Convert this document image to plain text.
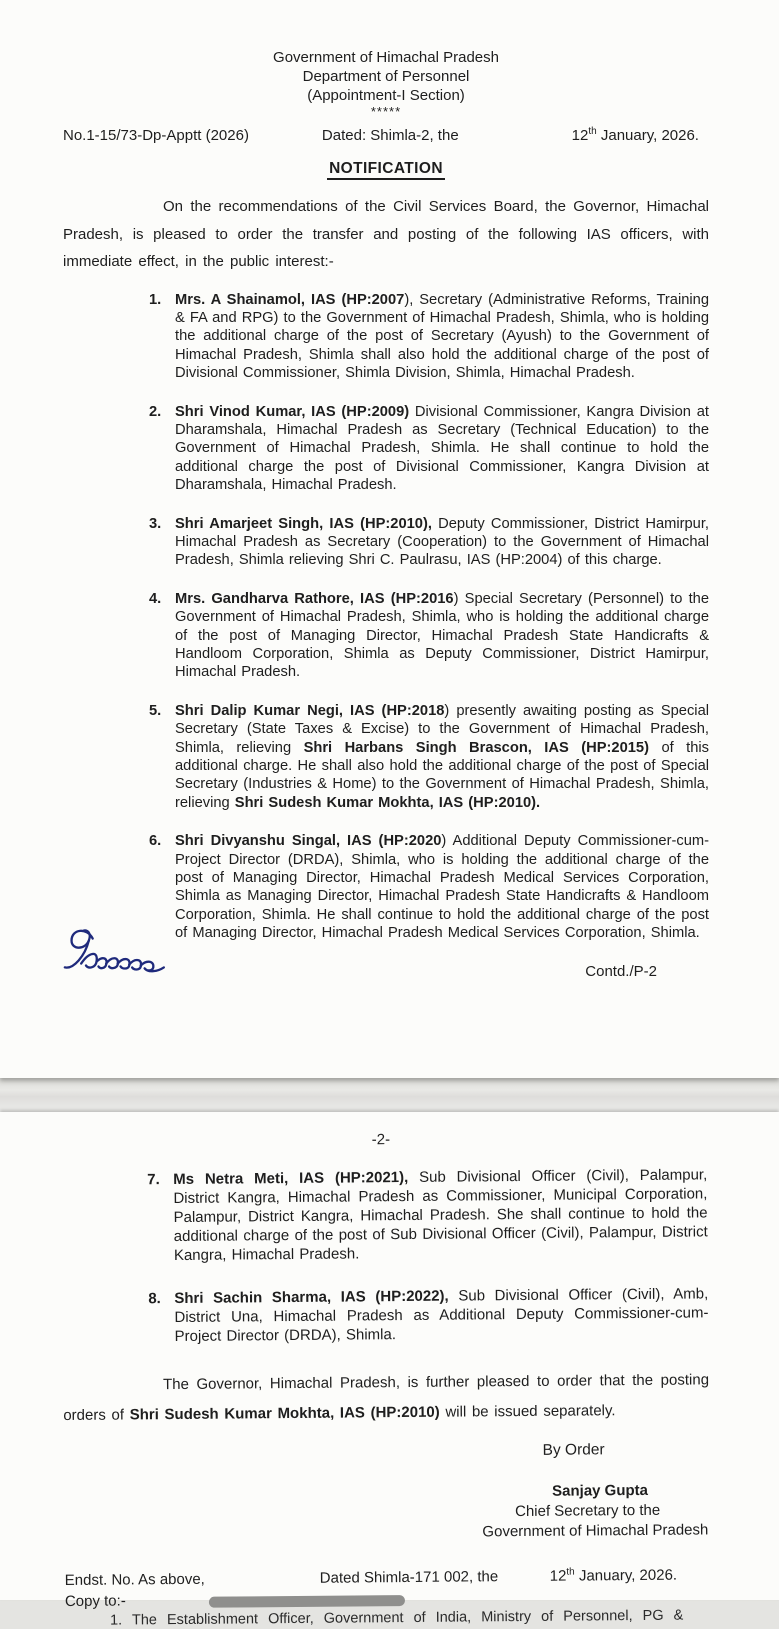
Government of Himachal Pradesh
Department of Personnel
(Appointment-I Section)
*****
No.1-15/73-Dp-Apptt (2026)	Dated: Shimla-2, the	12th January, 2026.
NOTIFICATION

On the recommendations of the Civil Services Board, the Governor, Himachal Pradesh, is pleased to order the transfer and posting of the following IAS officers, with immediate effect, in the public interest:-

1. Mrs. A Shainamol, IAS (HP:2007), Secretary (Administrative Reforms, Training & FA and RPG) to the Government of Himachal Pradesh, Shimla, who is holding the additional charge of the post of Secretary (Ayush) to the Government of Himachal Pradesh, Shimla shall also hold the additional charge of the post of Divisional Commissioner, Shimla Division, Shimla, Himachal Pradesh.
2. Shri Vinod Kumar, IAS (HP:2009) Divisional Commissioner, Kangra Division at Dharamshala, Himachal Pradesh as Secretary (Technical Education) to the Government of Himachal Pradesh, Shimla. He shall continue to hold the additional charge the post of Divisional Commissioner, Kangra Division at Dharamshala, Himachal Pradesh.
3. Shri Amarjeet Singh, IAS (HP:2010), Deputy Commissioner, District Hamirpur, Himachal Pradesh as Secretary (Cooperation) to the Government of Himachal Pradesh, Shimla relieving Shri C. Paulrasu, IAS (HP:2004) of this charge.
4. Mrs. Gandharva Rathore, IAS (HP:2016) Special Secretary (Personnel) to the Government of Himachal Pradesh, Shimla, who is holding the additional charge of the post of Managing Director, Himachal Pradesh State Handicrafts & Handloom Corporation, Shimla as Deputy Commissioner, District Hamirpur, Himachal Pradesh.
5. Shri Dalip Kumar Negi, IAS (HP:2018) presently awaiting posting as Special Secretary (State Taxes & Excise) to the Government of Himachal Pradesh, Shimla, relieving Shri Harbans Singh Brascon, IAS (HP:2015) of this additional charge. He shall also hold the additional charge of the post of Special Secretary (Industries & Home) to the Government of Himachal Pradesh, Shimla, relieving Shri Sudesh Kumar Mokhta, IAS (HP:2010).
6. Shri Divyanshu Singal, IAS (HP:2020) Additional Deputy Commissioner-cum-Project Director (DRDA), Shimla, who is holding the additional charge of the post of Managing Director, Himachal Pradesh Medical Services Corporation, Shimla as Managing Director, Himachal Pradesh State Handicrafts & Handloom Corporation, Shimla. He shall continue to hold the additional charge of the post of Managing Director, Himachal Pradesh Medical Services Corporation, Shimla.
Contd./P-2
-2-
7. Ms Netra Meti, IAS (HP:2021), Sub Divisional Officer (Civil), Palampur, District Kangra, Himachal Pradesh as Commissioner, Municipal Corporation, Palampur, District Kangra, Himachal Pradesh. She shall continue to hold the additional charge of the post of Sub Divisional Officer (Civil), Palampur, District Kangra, Himachal Pradesh.
8. Shri Sachin Sharma, IAS (HP:2022), Sub Divisional Officer (Civil), Amb, District Una, Himachal Pradesh as Additional Deputy Commissioner-cum-Project Director (DRDA), Shimla.

The Governor, Himachal Pradesh, is further pleased to order that the posting orders of Shri Sudesh Kumar Mokhta, IAS (HP:2010) will be issued separately.

By Order
Sanjay Gupta
Chief Secretary to the
Government of Himachal Pradesh
Endst. No. As above,	Dated Shimla-171 002, the	12th January, 2026.
Copy to:-
1. The Establishment Officer, Government of India, Ministry of Personnel, PG &
